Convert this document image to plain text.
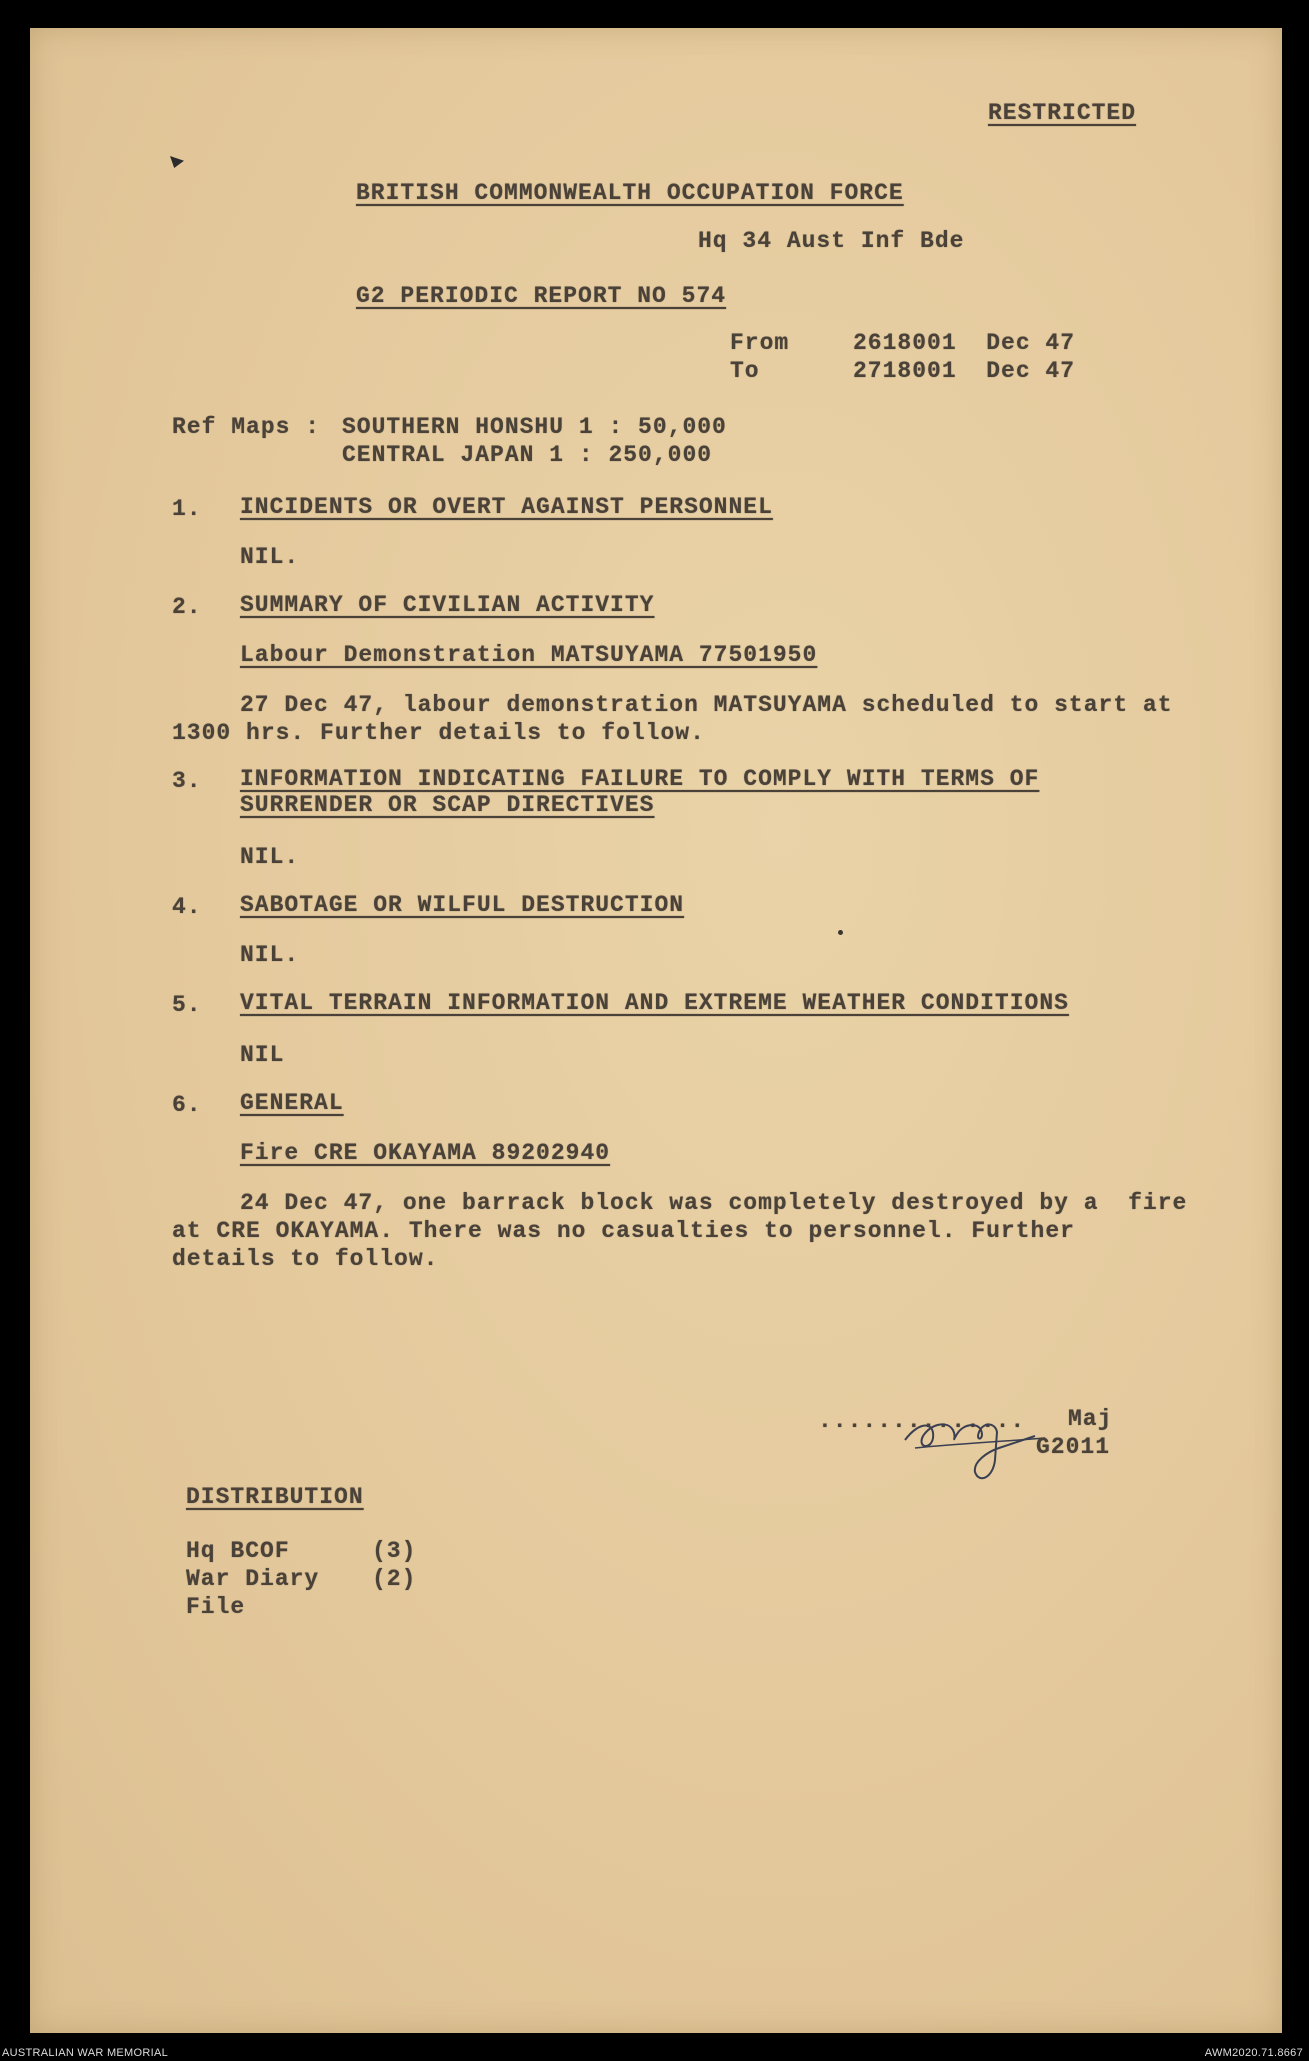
RESTRICTED
BRITISH COMMONWEALTH OCCUPATION FORCE
Hq 34 Aust Inf Bde
G2 PERIODIC REPORT NO 574
From	2618001  Dec 47
To	2718001  Dec 47
Ref Maps : SOUTHERN HONSHU 1 : 50,000
CENTRAL JAPAN 1 : 250,000
1. INCIDENTS OR OVERT AGAINST PERSONNEL
NIL.
2. SUMMARY OF CIVILIAN ACTIVITY
Labour Demonstration MATSUYAMA 77501950
27 Dec 47, labour demonstration MATSUYAMA scheduled to start at
1300 hrs. Further details to follow.
3. INFORMATION INDICATING FAILURE TO COMPLY WITH TERMS OF
SURRENDER OR SCAP DIRECTIVES
NIL.
4. SABOTAGE OR WILFUL DESTRUCTION
NIL.
5. VITAL TERRAIN INFORMATION AND EXTREME WEATHER CONDITIONS
NIL
6. GENERAL
Fire CRE OKAYAMA 89202940
24 Dec 47, one barrack block was completely destroyed by a  fire
at CRE OKAYAMA. There was no casualties to personnel. Further
details to follow.
.............. Maj
G2011
DISTRIBUTION
Hq BCOF	(3)
War Diary (2)
File
AUSTRALIAN WAR MEMORIAL	AWM2020.71.8667
